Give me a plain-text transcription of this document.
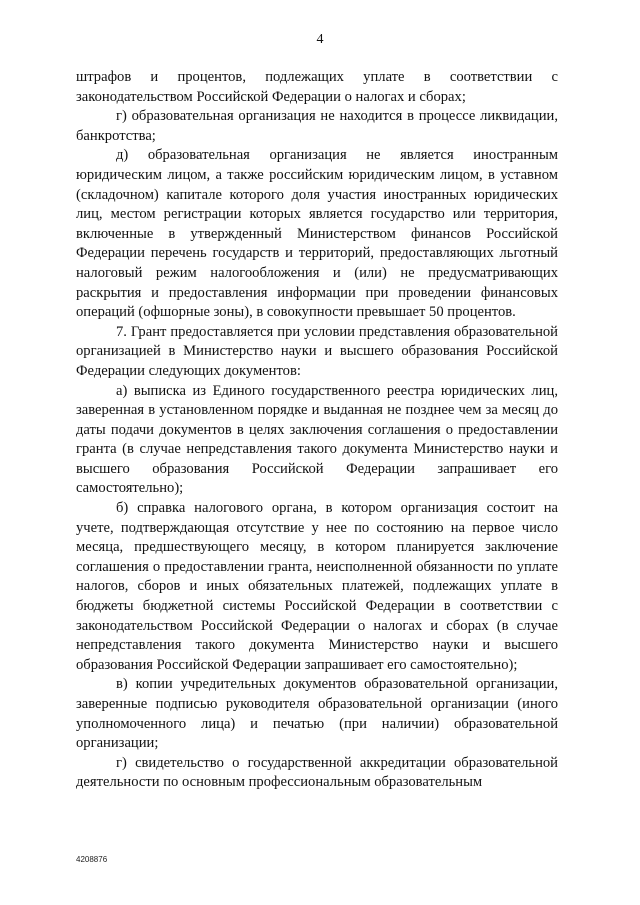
4

штрафов и процентов, подлежащих уплате в соответствии с законодательством Российской Федерации о налогах и сборах;

г) образовательная организация не находится в процессе ликвидации, банкротства;

д) образовательная организация не является иностранным юридическим лицом, а также российским юридическим лицом, в уставном (складочном) капитале которого доля участия иностранных юридических лиц, местом регистрации которых является государство или территория, включенные в утвержденный Министерством финансов Российской Федерации перечень государств и территорий, предоставляющих льготный налоговый режим налогообложения и (или) не предусматривающих раскрытия и предоставления информации при проведении финансовых операций (офшорные зоны), в совокупности превышает 50 процентов.

7. Грант предоставляется при условии представления образовательной организацией в Министерство науки и высшего образования Российской Федерации следующих документов:

а) выписка из Единого государственного реестра юридических лиц, заверенная в установленном порядке и выданная не позднее чем за месяц до даты подачи документов в целях заключения соглашения о предоставлении гранта (в случае непредставления такого документа Министерство науки и высшего образования Российской Федерации запрашивает его самостоятельно);

б) справка налогового органа, в котором организация состоит на учете, подтверждающая отсутствие у нее по состоянию на первое число месяца, предшествующего месяцу, в котором планируется заключение соглашения о предоставлении гранта, неисполненной обязанности по уплате налогов, сборов и иных обязательных платежей, подлежащих уплате в бюджеты бюджетной системы Российской Федерации в соответствии с законодательством Российской Федерации о налогах и сборах (в случае непредставления такого документа Министерство науки и высшего образования Российской Федерации запрашивает его самостоятельно);

в) копии учредительных документов образовательной организации, заверенные подписью руководителя образовательной организации (иного уполномоченного лица) и печатью (при наличии) образовательной организации;

г) свидетельство о государственной аккредитации образовательной деятельности по основным профессиональным образовательным

4208876
